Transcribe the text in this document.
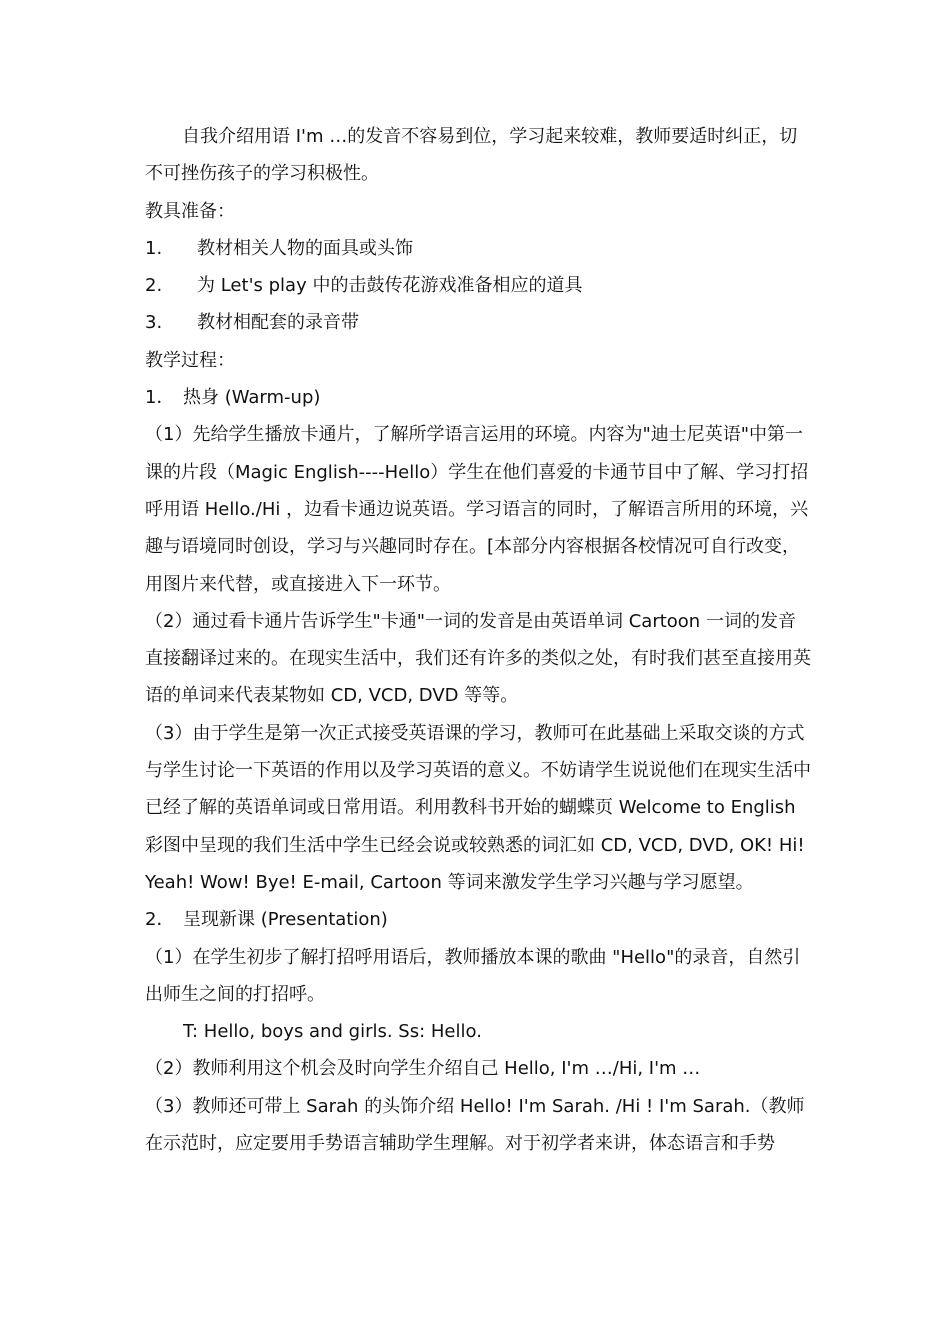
自我介绍用语 I'm …的发音不容易到位，学习起来较难，教师要适时纠正，切不可挫伤孩子的学习积极性。

教具准备：

1.	教材相关人物的面具或头饰
2.	为 Let's play 中的击鼓传花游戏准备相应的道具
3.	教材相配套的录音带

教学过程：

1． 热身 (Warm-up)

（1）先给学生播放卡通片，了解所学语言运用的环境。内容为"迪士尼英语"中第一课的片段（Magic English----Hello）学生在他们喜爱的卡通节目中了解、学习打招呼用语 Hello./Hi ，边看卡通边说英语。学习语言的同时，了解语言所用的环境，兴趣与语境同时创设，学习与兴趣同时存在。[本部分内容根据各校情况可自行改变，用图片来代替，或直接进入下一环节。

（2）通过看卡通片告诉学生"卡通"一词的发音是由英语单词 Cartoon 一词的发音直接翻译过来的。在现实生活中，我们还有许多的类似之处，有时我们甚至直接用英语的单词来代表某物如 CD, VCD, DVD 等等。

（3）由于学生是第一次正式接受英语课的学习，教师可在此基础上采取交谈的方式与学生讨论一下英语的作用以及学习英语的意义。不妨请学生说说他们在现实生活中已经了解的英语单词或日常用语。利用教科书开始的蝴蝶页 Welcome to English 彩图中呈现的我们生活中学生已经会说或较熟悉的词汇如 CD, VCD, DVD, OK! Hi! Yeah! Wow! Bye! E-mail, Cartoon 等词来激发学生学习兴趣与学习愿望。

2． 呈现新课 (Presentation)

（1）在学生初步了解打招呼用语后，教师播放本课的歌曲 "Hello"的录音，自然引出师生之间的打招呼。

T: Hello, boys and girls. Ss: Hello.

（2）教师利用这个机会及时向学生介绍自己 Hello, I'm …/Hi, I'm …

（3）教师还可带上 Sarah 的头饰介绍 Hello! I'm Sarah. /Hi ! I'm Sarah.（教师在示范时，应定要用手势语言辅助学生理解。对于初学者来讲，体态语言和手势
